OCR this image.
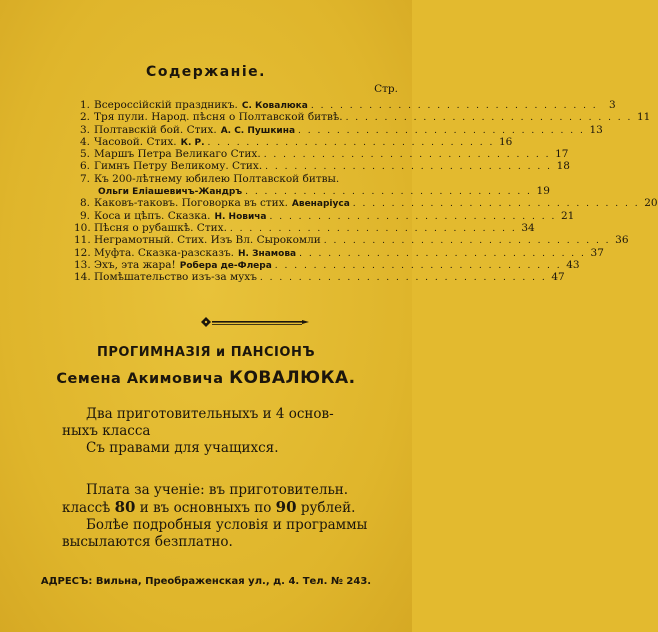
Содержаніе.
Стр.
1. Всероссійскій праздникъ. С. Ковалюка . . . . . . . . . . . . . . . . . . . . . . . . . . . . . .	3
2. Тря пули. Народ. пѣсня о Полтавской битвѣ. . . . . . . . . . . . . . . . . . . . . . . . . . . . . . . 11
3. Полтавскій бой. Стих. А. С. Пушкина . . . . . . . . . . . . . . . . . . . . . . . . . . . . . . 13
4. Часовой. Стих. К. Р. . . . . . . . . . . . . . . . . . . . . . . . . . . . . . . 16
5. Маршъ Петра Великаго Стих. . . . . . . . . . . . . . . . . . . . . . . . . . . . . . . 17
6. Гимнъ Петру Великому. Стих. . . . . . . . . . . . . . . . . . . . . . . . . . . . . . . 18
7. Къ 200-лѣтнему юбилею Полтавской битвы.
Ольги Еліашевичъ-Жандръ . . . . . . . . . . . . . . . . . . . . . . . . . . . . . . 19
8. Каковъ-таковъ. Поговорка въ стих. Авенаріуса . . . . . . . . . . . . . . . . . . . . . . . . . . . . . . 20
9. Коса и цѣпъ. Сказка. Н. Новича . . . . . . . . . . . . . . . . . . . . . . . . . . . . . . 21
10. Пѣсня о рубашкѣ. Стих. . . . . . . . . . . . . . . . . . . . . . . . . . . . . . . 34
11. Неграмотный. Стих. Изъ Вл. Сырокомли . . . . . . . . . . . . . . . . . . . . . . . . . . . . . . 36
12. Муфта. Сказка-разсказъ. Н. Знамова . . . . . . . . . . . . . . . . . . . . . . . . . . . . . . 37
13. Эхъ, эта жара! Робера де-Флера . . . . . . . . . . . . . . . . . . . . . . . . . . . . . . 43
14. Помѣшательство изъ-за мухъ . . . . . . . . . . . . . . . . . . . . . . . . . . . . . . 47
ПРОГИМНАЗІЯ и ПАНСІОНЪ
Семена Акимовича КОВАЛЮКА.
Два приготовительныхъ и 4 основ-
ныхъ класса
Съ правами для учащихся.
Плата за ученіе: въ приготовительн.
классѣ 80 и въ основныхъ по 90 рублей.
Болѣе подробныя условія и программы
высылаются безплатно.
АДРЕСЪ: Вильна, Преображенская ул., д. 4. Тел. № 243.
